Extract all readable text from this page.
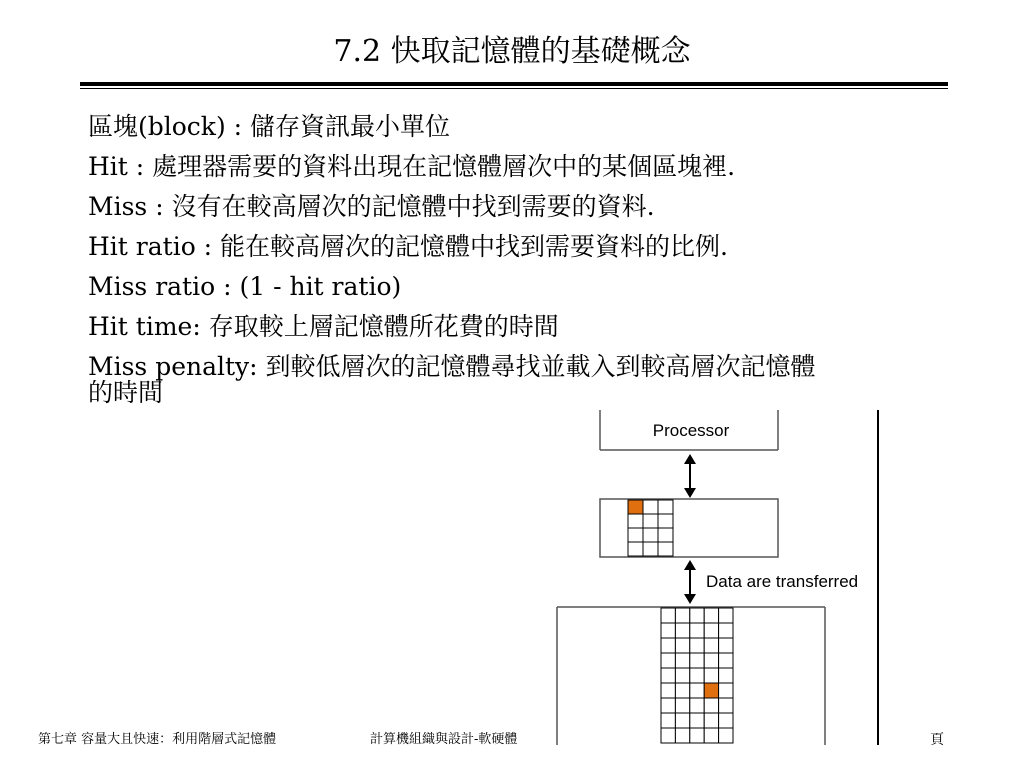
7.2 快取記憶體的基礎概念
區塊(block) : 儲存資訊最小單位
Hit : 處理器需要的資料出現在記憶體層次中的某個區塊裡.
Miss : 沒有在較高層次的記憶體中找到需要的資料.
Hit ratio : 能在較高層次的記憶體中找到需要資料的比例.
Miss ratio : (1 - hit ratio)
Hit time: 存取較上層記憶體所花費的時間
Miss penalty: 到較低層次的記憶體尋找並載入到較高層次記憶體
的時間
Processor
Data are transferred
第七章 容量大且快速：利用階層式記憶體	計算機組織與設計-軟硬體	頁
